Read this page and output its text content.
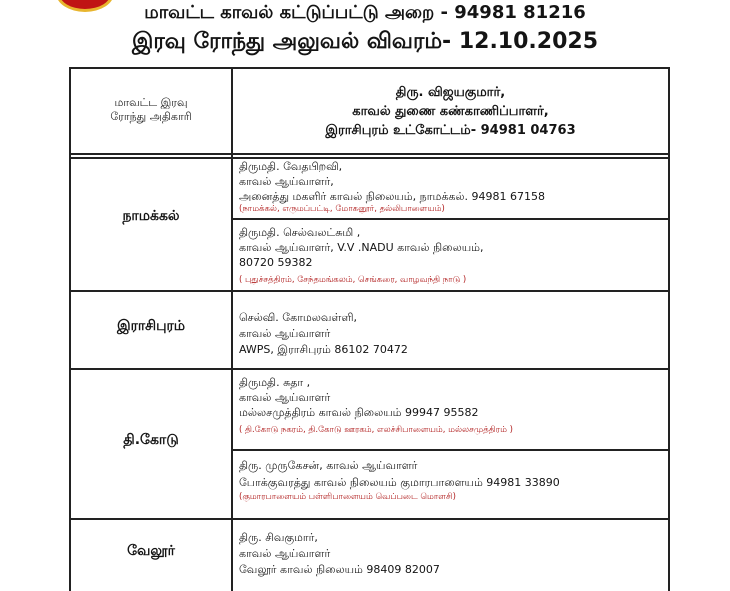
மாவட்ட காவல் கட்டுப்பட்டு அறை - 94981 81216
இரவு ரோந்து அலுவல் விவரம்- 12.10.2025
மாவட்ட இரவு
ரோந்து அதிகாரி
திரு. விஜயகுமார்,
காவல் துணை கண்காணிப்பாளர்,
இராசிபுரம் உட்கோட்டம்- 94981 04763
நாமக்கல்
திருமதி. வேதபிறவி,
காவல் ஆய்வாளர்,
அனைத்து மகளிர் காவல் நிலையம், நாமக்கல். 94981 67158
(நாமக்கல், எருமப்பட்டி, மோகனூர், தல்லிபாளையம்)
திருமதி. செல்வலட்சுமி ,
காவல் ஆய்வாளர், V.V .NADU காவல் நிலையம்,
80720 59382
( புதுச்சத்திரம், சேந்தமங்கலம், செங்கரை, வாழவந்தி நாடு )
இராசிபுரம்
செல்வி. கோமலவள்ளி,
காவல் ஆய்வாளர்
AWPS, இராசிபுரம் 86102 70472
தி.கோடு
திருமதி. சுதா ,
காவல் ஆய்வாளர்
மல்லசமுத்திரம் காவல் நிலையம் 99947 95582
( தி.கோடு நகரம், தி.கோடு ஊரகம், எலச்சிபாளையம், மல்லசமுத்திரம் )
திரு. முருகேசன், காவல் ஆய்வாளர்
போக்குவரத்து காவல் நிலையம் குமாரபாளையம் 94981 33890
(குமாரபாளையம் பள்ளிபாளையம் வெப்படை மொளசி)
வேலூர்
திரு. சிவகுமார்,
காவல் ஆய்வாளர்
வேலூர் காவல் நிலையம் 98409 82007
